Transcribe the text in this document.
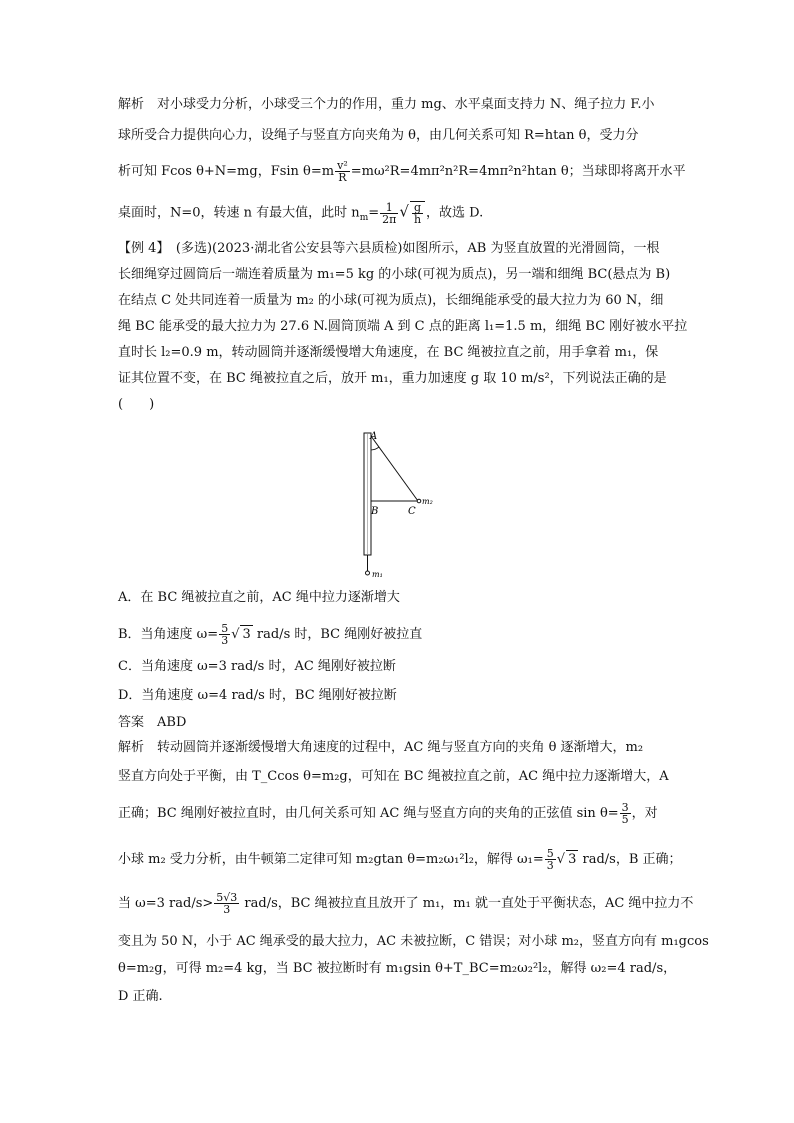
解析　对小球受力分析，小球受三个力的作用，重力 mg、水平桌面支持力 N、绳子拉力 F.小
球所受合力提供向心力，设绳子与竖直方向夹角为 θ，由几何关系可知 R=htan θ，受力分
析可知 Fcos θ+N=mg，Fsin $\theta=m \frac{\text{v²}}{R} =m\omega^2R=4m\pi^2n^2R=4m\pi^2n^2htan$ θ；当球即将离开水平
桌面时，N=0，转速 n 有最大值，此时 $n_m= \frac{1}{2\pi}$ √ $\frac{g}{h}$ ，故选 D.
【例 4】　(多选)(2023·湖北省公安县等六县质检)如图所示，AB 为竖直放置的光滑圆筒，一根
长细绳穿过圆筒后一端连着质量为 m₁=5 kg 的小球(可视为质点)，另一端和细绳 BC(悬点为 B)
在结点 C 处共同连着一质量为 m₂ 的小球(可视为质点)，长细绳能承受的最大拉力为 60 N，细
绳 BC 能承受的最大拉力为 27.6 N.圆筒顶端 A 到 C 点的距离 l₁=1.5 m，细绳 BC 刚好被水平拉
直时长 l₂=0.9 m，转动圆筒并逐渐缓慢增大角速度，在 BC 绳被拉直之前，用手拿着 m₁，保
证其位置不变，在 BC 绳被拉直之后，放开 m₁，重力加速度 g 取 10 m/s²，下列说法正确的是
(　　)
A
B	C
m₂
m₁
A．在 BC 绳被拉直之前，AC 绳中拉力逐渐增大
B．当角速度 $\omega= \frac{5}{3}$ √ 3 rad/s 时，BC 绳刚好被拉直
C．当角速度 ω=3 rad/s 时，AC 绳刚好被拉断
D．当角速度 ω=4 rad/s 时，BC 绳刚好被拉断
答案　ABD
解析　转动圆筒并逐渐缓慢增大角速度的过程中，AC 绳与竖直方向的夹角 θ 逐渐增大，m₂
竖直方向处于平衡，由 T_Ccos θ=m₂g，可知在 BC 绳被拉直之前，AC 绳中拉力逐渐增大，A
正确；BC 绳刚好被拉直时，由几何关系可知 AC 绳与竖直方向的夹角的正弦值 $\sin \theta= \frac{3}{5}$ ，对
小球 m₂ 受力分析，由牛顿第二定律可知 m₂gtan θ=m₂ω₁²l₂，解得 $\omega_1= \frac{5}{3}$ √ 3 rad/s，B 正确；
当 ω=3 $rad/s> \frac{5√3}{3} rad/s$，BC 绳被拉直且放开了 m₁，m₁ 就一直处于平衡状态，AC 绳中拉力不
变且为 50 N，小于 AC 绳承受的最大拉力，AC 未被拉断，C 错误；对小球 m₂，竖直方向有 m₁gcos
θ=m₂g，可得 m₂=4 kg，当 BC 被拉断时有 m₁gsin θ+T_BC=m₂ω₂²l₂，解得 ω₂=4 rad/s，
D 正确.
